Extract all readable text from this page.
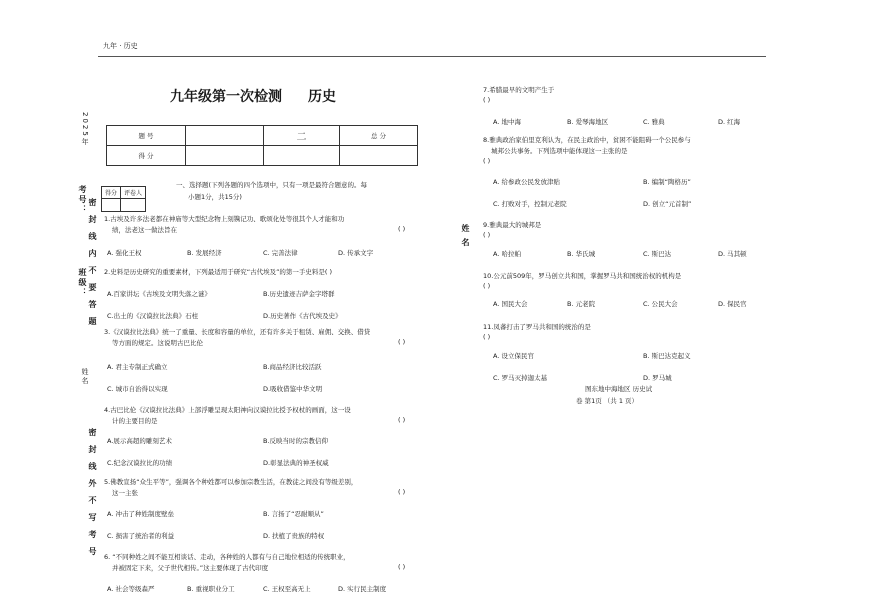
九年 · 历史
九年级第一次检测 历史
2025年
考号：
班级：
姓名
密封线内不要答题
密封线外不写考号
姓名
题 号		二	总 分
得 分			
得分	评卷人

一、选择题(下列各题的四个选项中，只有一项是最符合题意的。每
小题1分，共15分)
1.古埃及许多法老都在神庙等大型纪念物上刻镌记功、歌颂化处等很其个人才能和功
绩，法老这一做法旨在	( )
A. 强化王权	B. 发展经济	C. 完善法律	D. 传承文字
2.史料是历史研究的重要素材，下列最适用于研究“古代埃及”的第一手史料是( )
A.百家讲坛《古埃及文明失落之谜》	B.历史遗迹吉萨金字塔群
C.出土的《汉谟拉比法典》石柱	D.历史著作《古代埃及史》
3.《汉谟拉比法典》统一了重量、长度和容量的单位，还有许多关于租赁、雇佣、交换、借贷
等方面的规定。这说明古巴比伦	( )
A. 君主专制正式确立	B.商品经济比较活跃
C. 城市自治得以实现	D.吸收借鉴中华文明
4.古巴比伦《汉谟拉比法典》上部浮雕呈现太阳神向汉谟拉比授予权杖的画面，这一设
计的主要目的是	( )
A.展示高超的雕刻艺术	B.反映当时的宗教信仰
C.纪念汉谟拉比的功绩	D.彰显法典的神圣权威
5.佛教宣扬“众生平等”，强调各个种姓都可以参加宗教生活，在教徒之间没有等级差别，
这一主张	( )
A. 冲击了种姓制度壁垒	B. 言扬了“忍耐顺从”
C. 损害了统治者的利益	D. 扶植了贵族的特权
6. “不同种姓之间不能互相谈话、走动，各种姓的人都有与自己地位相适的传统职业，
并被固定下来，父子世代相传。”这主要体现了古代印度	( )
A. 社会等级森严	B. 重视职业分工	C. 王权至高无上	D. 实行民主制度
7.希腊最早的文明产生于
( )
A. 地中海	B. 爱琴海地区	C. 雅典	D. 红海
8.雅典政治家伯里克利认为，在民主政治中，贫困不能阻碍一个公民参与
城邦公共事务。下列选项中能体现这一主张的是
( )
A. 给参政公民发放津贴	B. 编制“陶格历”
C. 打败对手，控制元老院	D. 创立“元首制”
9.雅典最大的城邦是
( )
A. 哈拉帕	B. 华氏城	C. 斯巴达	D. 马其顿
10.公元前509年，罗马创立共和国，掌握罗马共和国统治权的机构是
( )
A. 国民大会	B. 元老院	C. 公民大会	D. 保民官
11.凤蕃打击了罗马共和国的统治的是
( )
A. 设立保民官	B. 斯巴达克起义
C. 罗马灭掉迦太基	D. 罗马城
图东地中海地区 历史试
卷 第1页 （共 1 页）
